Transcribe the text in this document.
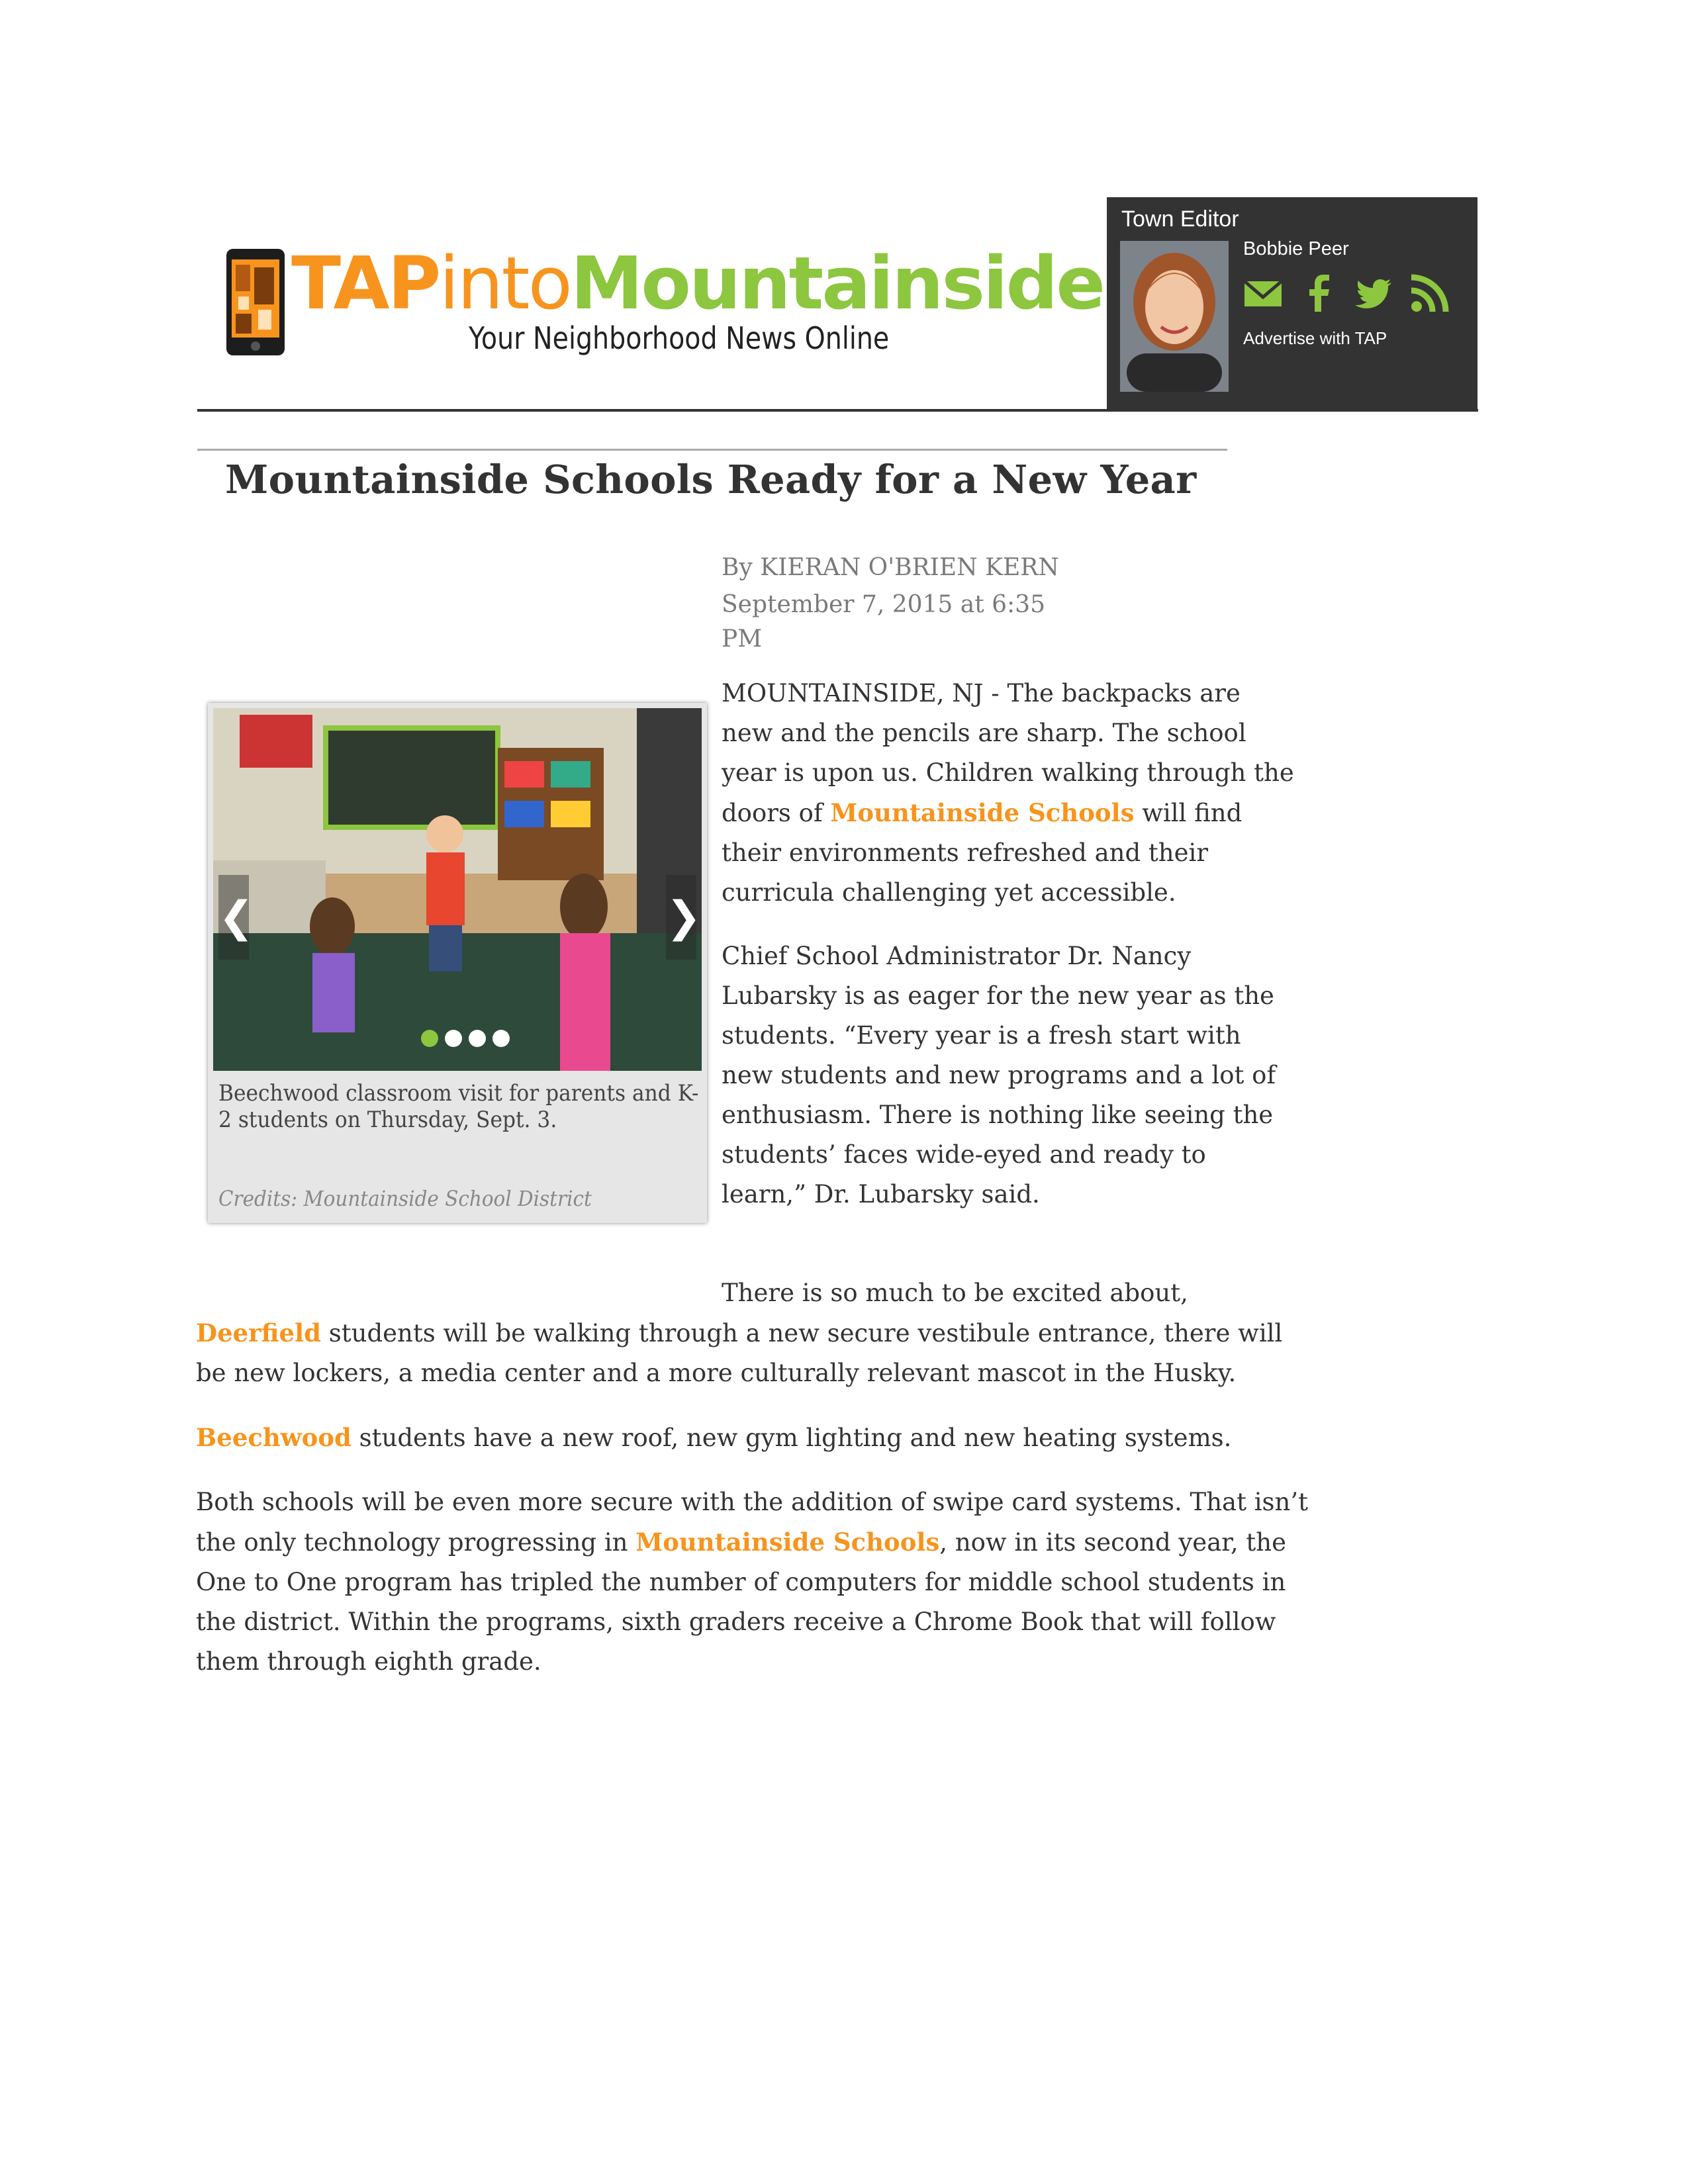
TAPintoMountainside
Your Neighborhood News Online
Town Editor
Bobbie Peer
Advertise with TAP
Mountainside Schools Ready for a New Year
By KIERAN O'BRIEN KERN
September 7, 2015 at 6:35 PM
❮	❯
Beechwood classroom visit for parents and K-2 students on Thursday, Sept. 3.
Credits: Mountainside School District

MOUNTAINSIDE, NJ - The backpacks are new and the pencils are sharp. The school year is upon us. Children walking through the doors of Mountainside Schools will find their environments refreshed and their curricula challenging yet accessible.

Chief School Administrator Dr. Nancy Lubarsky is as eager for the new year as the students. “Every year is a fresh start with new students and new programs and a lot of enthusiasm. There is nothing like seeing the students’ faces wide-eyed and ready to learn,” Dr. Lubarsky said.

There is so much to be excited about,

Deerfield students will be walking through a new secure vestibule entrance, there will be new lockers, a media center and a more culturally relevant mascot in the Husky.

Beechwood students have a new roof, new gym lighting and new heating systems.

Both schools will be even more secure with the addition of swipe card systems. That isn’t the only technology progressing in Mountainside Schools, now in its second year, the One to One program has tripled the number of computers for middle school students in the district. Within the programs, sixth graders receive a Chrome Book that will follow them through eighth grade.
